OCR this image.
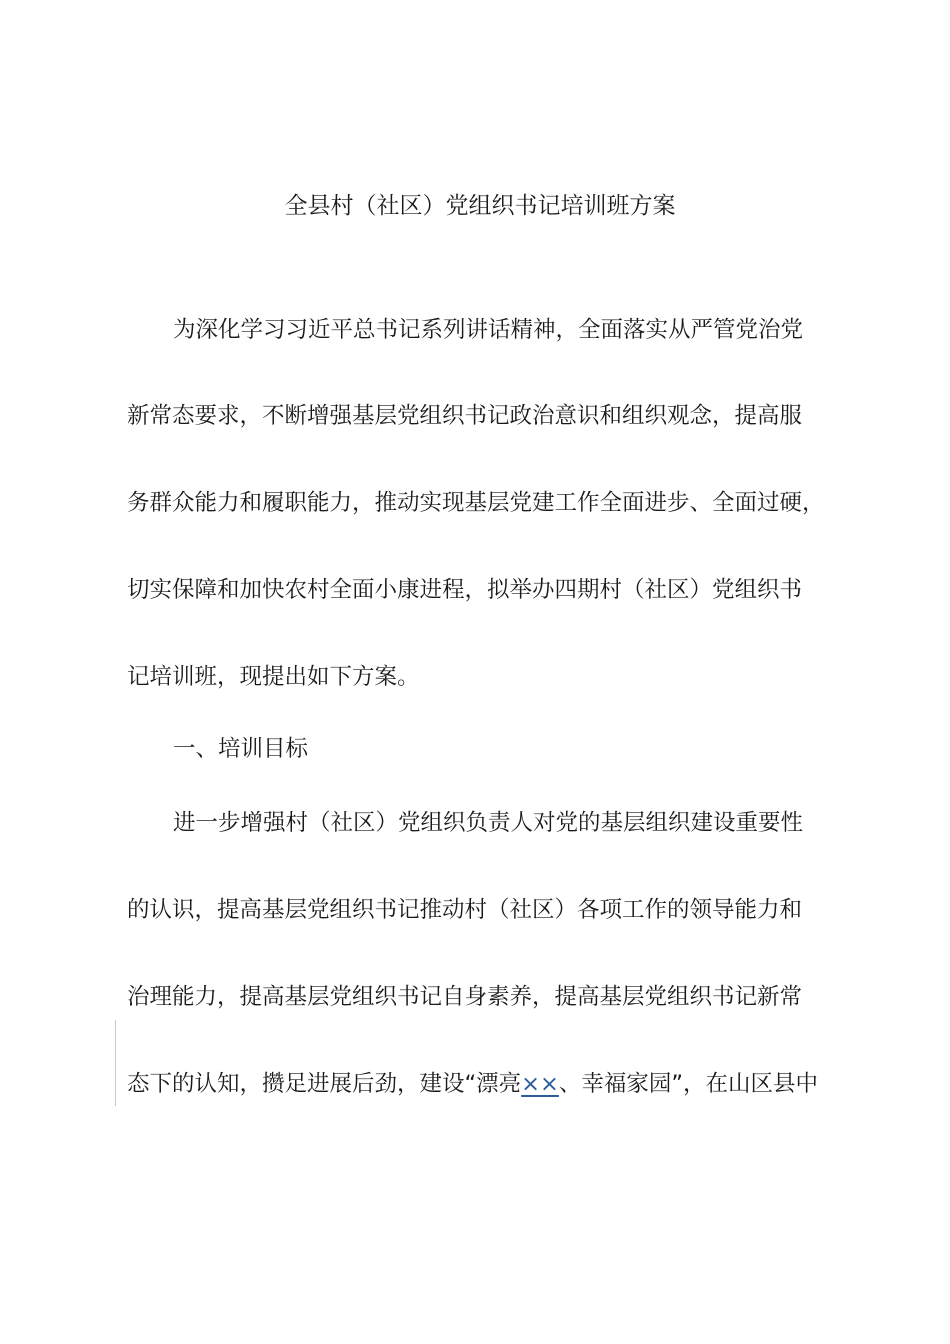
全县村（社区）党组织书记培训班方案
为深化学习习近平总书记系列讲话精神，全面落实从严管党治党
新常态要求，不断增强基层党组织书记政治意识和组织观念，提高服
务群众能力和履职能力，推动实现基层党建工作全面进步、全面过硬，
切实保障和加快农村全面小康进程，拟举办四期村（社区）党组织书
记培训班，现提出如下方案。
一、培训目标
进一步增强村（社区）党组织负责人对党的基层组织建设重要性
的认识，提高基层党组织书记推动村（社区）各项工作的领导能力和
治理能力，提高基层党组织书记自身素养，提高基层党组织书记新常
态下的认知，攒足进展后劲，建设“漂亮××、幸福家园”，在山区县中
